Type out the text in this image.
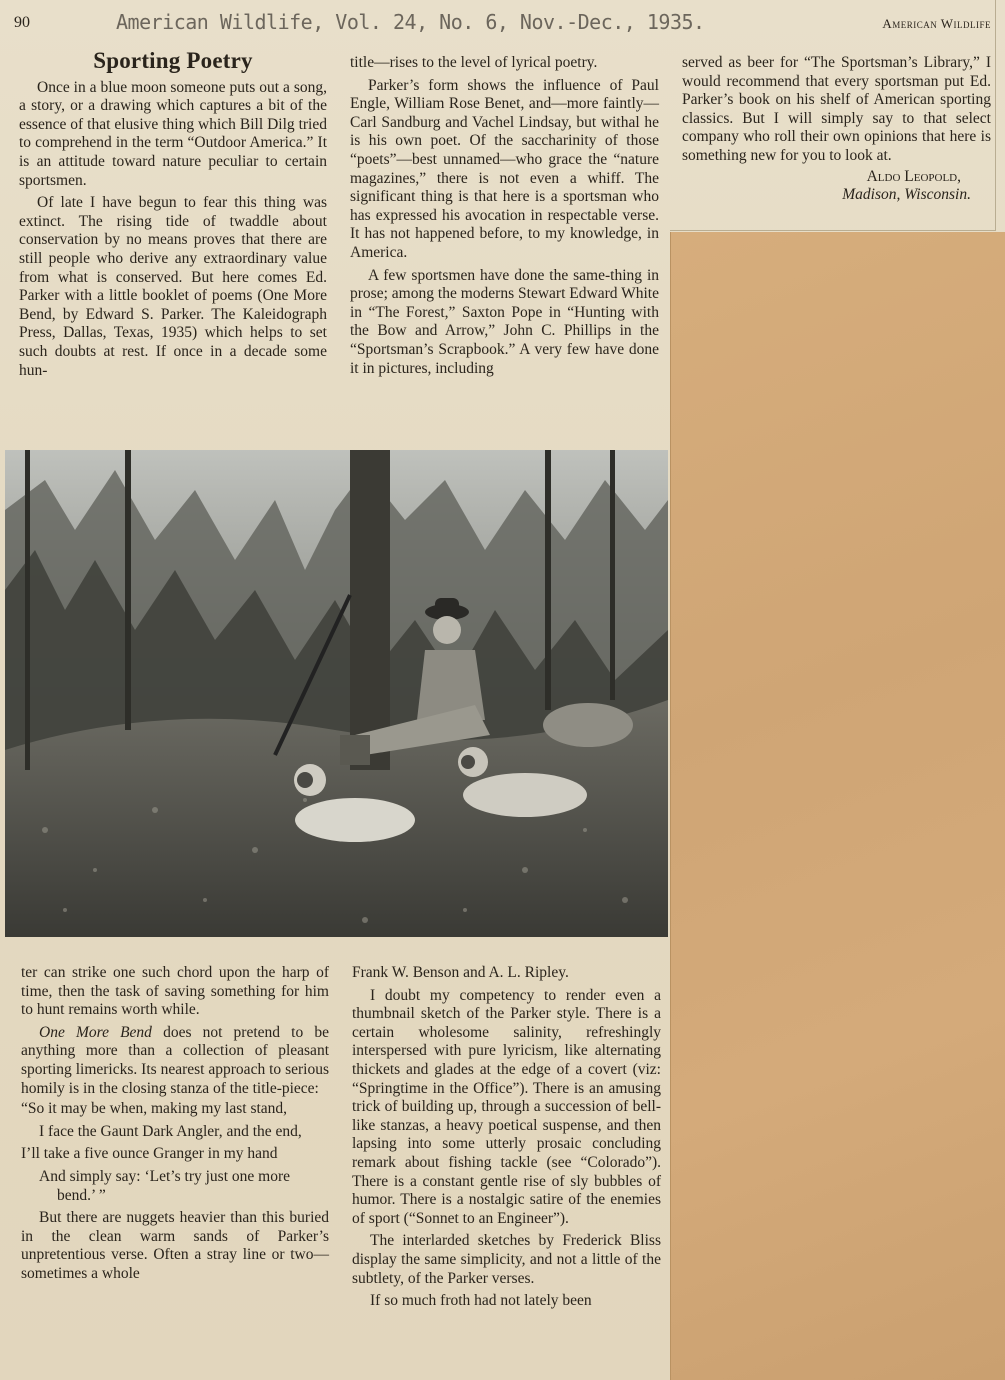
90	American Wildlife, Vol. 24, No. 6, Nov.-Dec., 1935.	American Wildlife
Sporting Poetry

Once in a blue moon someone puts out a song, a story, or a drawing which captures a bit of the essence of that elusive thing which Bill Dilg tried to comprehend in the term “Outdoor America.” It is an attitude toward nature peculiar to certain sportsmen.

Of late I have begun to fear this thing was extinct. The rising tide of twaddle about conservation by no means proves that there are still people who derive any extraordinary value from what is conserved. But here comes Ed. Parker with a little booklet of poems (One More Bend, by Edward S. Parker. The Kaleidograph Press, Dallas, Texas, 1935) which helps to set such doubts at rest. If once in a decade some hun-

title—rises to the level of lyrical poetry.

Parker’s form shows the influence of Paul Engle, William Rose Benet, and—more faintly—Carl Sandburg and Vachel Lindsay, but withal he is his own poet. Of the saccharinity of those “poets”—best unnamed—who grace the “nature magazines,” there is not even a whiff. The significant thing is that here is a sportsman who has expressed his avocation in respectable verse. It has not happened before, to my knowledge, in America.

A few sportsmen have done the same-thing in prose; among the moderns Stewart Edward White in “The Forest,” Saxton Pope in “Hunting with the Bow and Arrow,” John C. Phillips in the “Sportsman’s Scrapbook.” A very few have done it in pictures, including

served as beer for “The Sportsman’s Library,” I would recommend that every sportsman put Ed. Parker’s book on his shelf of American sporting classics. But I will simply say to that select company who roll their own opinions that here is something new for you to look at.

Aldo Leopold,
Madison, Wisconsin.

ter can strike one such chord upon the harp of time, then the task of saving something for him to hunt remains worth while.

One More Bend does not pretend to be anything more than a collection of pleasant sporting limericks. Its nearest approach to serious homily is in the closing stanza of the title-piece:

“So it may be when, making my last stand,
I face the Gaunt Dark Angler, and the end,
I’ll take a five ounce Granger in my hand
And simply say: ‘Let’s try just one more bend.’ ”

But there are nuggets heavier than this buried in the clean warm sands of Parker’s unpretentious verse. Often a stray line or two—sometimes a whole

Frank W. Benson and A. L. Ripley.

I doubt my competency to render even a thumbnail sketch of the Parker style. There is a certain wholesome salinity, refreshingly interspersed with pure lyricism, like alternating thickets and glades at the edge of a covert (viz: “Springtime in the Office”). There is an amusing trick of building up, through a succession of bell-like stanzas, a heavy poetical suspense, and then lapsing into some utterly prosaic concluding remark about fishing tackle (see “Colorado”). There is a constant gentle rise of sly bubbles of humor. There is a nostalgic satire of the enemies of sport (“Sonnet to an Engineer”).

The interlarded sketches by Frederick Bliss display the same simplicity, and not a little of the subtlety, of the Parker verses.

If so much froth had not lately been
